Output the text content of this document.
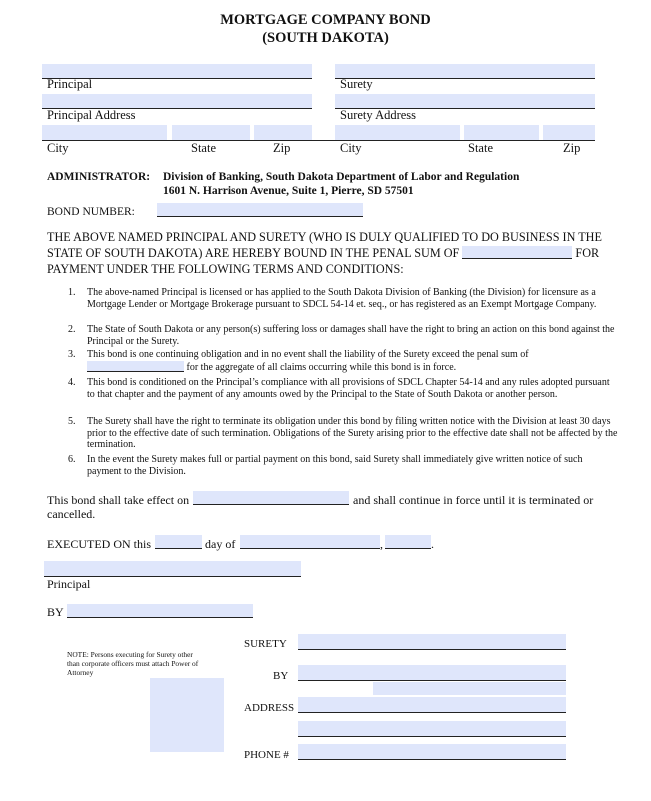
MORTGAGE COMPANY BOND
(SOUTH DAKOTA)
Principal	Surety
Principal Address	Surety Address
City	State	Zip	City	State	Zip
ADMINISTRATOR: Division of Banking, South Dakota Department of Labor and Regulation
1601 N. Harrison Avenue, Suite 1, Pierre, SD 57501
BOND NUMBER:
THE ABOVE NAMED PRINCIPAL AND SURETY (WHO IS DULY QUALIFIED TO DO BUSINESS IN THE STATE OF SOUTH DAKOTA) ARE HEREBY BOUND IN THE PENAL SUM OF	FOR PAYMENT UNDER THE FOLLOWING TERMS AND CONDITIONS:
1. The above-named Principal is licensed or has applied to the South Dakota Division of Banking (the Division) for licensure as a Mortgage Lender or Mortgage Brokerage pursuant to SDCL 54-14 et. seq., or has registered as an Exempt Mortgage Company.
2. The State of South Dakota or any person(s) suffering loss or damages shall have the right to bring an action on this bond against the Principal or the Surety.
3. This bond is one continuing obligation and in no event shall the liability of the Surety exceed the penal sum of
for the aggregate of all claims occurring while this bond is in force.
4. This bond is conditioned on the Principal’s compliance with all provisions of SDCL Chapter 54-14 and any rules adopted pursuant to that chapter and the payment of any amounts owed by the Principal to the State of South Dakota or another person.
5. The Surety shall have the right to terminate its obligation under this bond by filing written notice with the Division at least 30 days prior to the effective date of such termination. Obligations of the Surety arising prior to the effective date shall not be affected by the termination.
6. In the event the Surety makes full or partial payment on this bond, said Surety shall immediately give written notice of such payment to the Division.
This bond shall take effect on	and shall continue in force until it is terminated or
cancelled.
EXECUTED ON this	day of	,	.
Principal
BY
NOTE: Persons executing for Surety other than corporate officers must attach Power of Attorney
SURETY
BY
ADDRESS
PHONE #
